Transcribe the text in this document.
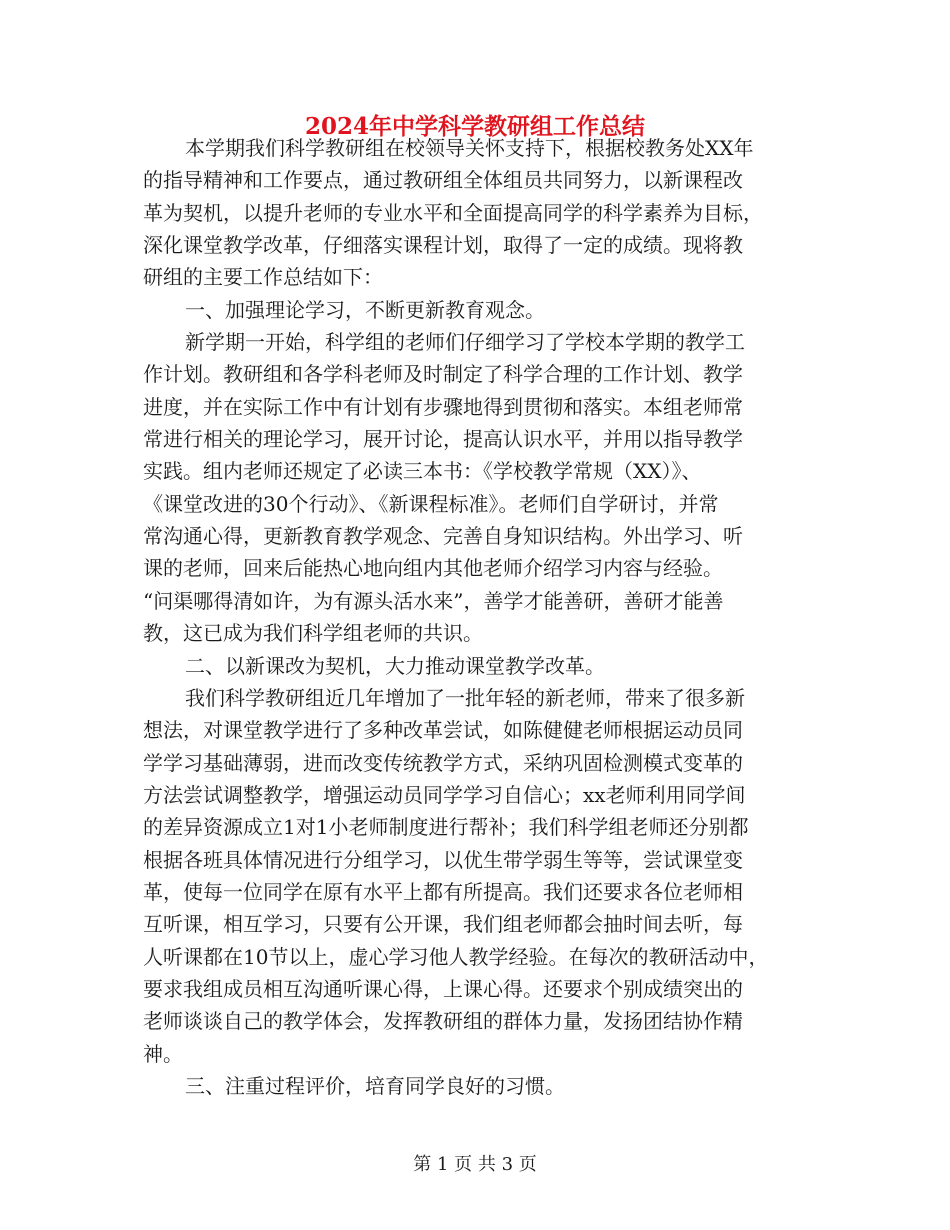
2024年中学科学教研组工作总结
本学期我们科学教研组在校领导关怀支持下，根据校教务处XX年
的指导精神和工作要点，通过教研组全体组员共同努力，以新课程改
革为契机，以提升老师的专业水平和全面提高同学的科学素养为目标，
深化课堂教学改革，仔细落实课程计划，取得了一定的成绩。现将教
研组的主要工作总结如下：
一、加强理论学习，不断更新教育观念。
新学期一开始，科学组的老师们仔细学习了学校本学期的教学工
作计划。教研组和各学科老师及时制定了科学合理的工作计划、教学
进度，并在实际工作中有计划有步骤地得到贯彻和落实。本组老师常
常进行相关的理论学习，展开讨论，提高认识水平，并用以指导教学
实践。组内老师还规定了必读三本书：《学校教学常规（XX）》、
《课堂改进的30个行动》、《新课程标准》。老师们自学研讨，并常
常沟通心得，更新教育教学观念、完善自身知识结构。外出学习、听
课的老师，回来后能热心地向组内其他老师介绍学习内容与经验。
“问渠哪得清如许，为有源头活水来”，善学才能善研，善研才能善
教，这已成为我们科学组老师的共识。
二、以新课改为契机，大力推动课堂教学改革。
我们科学教研组近几年增加了一批年轻的新老师，带来了很多新
想法，对课堂教学进行了多种改革尝试，如陈健健老师根据运动员同
学学习基础薄弱，进而改变传统教学方式，采纳巩固检测模式变革的
方法尝试调整教学，增强运动员同学学习自信心；xx老师利用同学间
的差异资源成立1对1小老师制度进行帮补；我们科学组老师还分别都
根据各班具体情况进行分组学习，以优生带学弱生等等，尝试课堂变
革，使每一位同学在原有水平上都有所提高。我们还要求各位老师相
互听课，相互学习，只要有公开课，我们组老师都会抽时间去听，每
人听课都在10节以上，虚心学习他人教学经验。在每次的教研活动中，
要求我组成员相互沟通听课心得，上课心得。还要求个别成绩突出的
老师谈谈自己的教学体会，发挥教研组的群体力量，发扬团结协作精
神。
三、注重过程评价，培育同学良好的习惯。
第 1 页 共 3 页
